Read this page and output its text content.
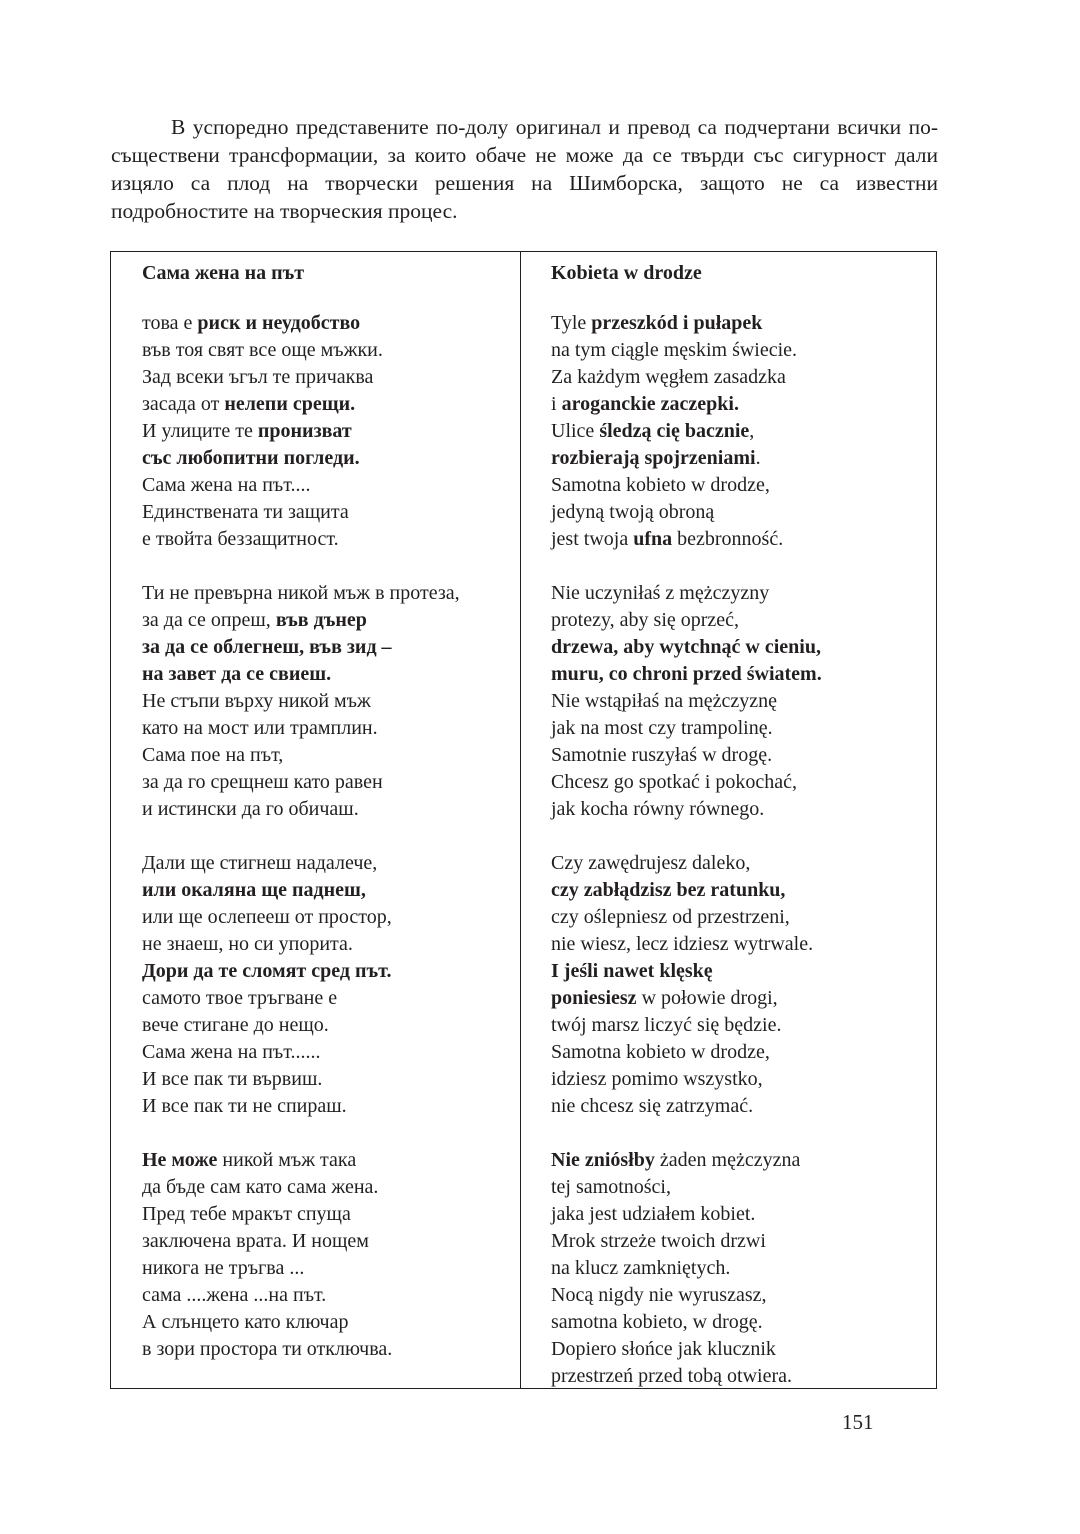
В успоредно представените по-долу оригинал и превод са подчертани всички по-съществени трансформации, за които обаче не може да се твърди със сигурност дали изцяло са плод на творчески решения на Шимборска, защото не са известни подробностите на творческия процес.

Сама жена на път
това е риск и неудобство
във тоя свят все още мъжки.
Зад всеки ъгъл те причаква
засада от нелепи срещи.
И улиците те пронизват
със любопитни погледи.
Сама жена на път....
Единствената ти защита
е твойта беззащитност.
Ти не превърна никой мъж в протеза,
за да се опреш, във дънер
за да се облегнеш, във зид –
на завет да се свиеш.
Не стъпи върху никой мъж
като на мост или трамплин.
Сама пое на път,
за да го срещнеш като равен
и истински да го обичаш.
Дали ще стигнеш надалече,
или окаляна ще паднеш,
или ще ослепееш от простор,
не знаеш, но си упорита.
Дори да те сломят сред път.
самото твое тръгване е
вече стигане до нещо.
Сама жена на път......
И все пак ти вървиш.
И все пак ти не спираш.
Не може никой мъж така
да бъде сам като сама жена.
Пред тебе мракът спуща
заключена врата. И нощем
никога не тръгва ...
сама ....жена ...на път.
А слънцето като ключар
в зори простора ти отключва.
Kobieta w drodze
Tyle przeszkód i pułapek
na tym ciągle męskim świecie.
Za każdym węgłem zasadzka
i aroganckie zaczepki.
Ulice śledzą cię bacznie,
rozbierają spojrzeniami.
Samotna kobieto w drodze,
jedyną twoją obroną
jest twoja ufna bezbronność.
Nie uczyniłaś z mężczyzny
protezy, aby się oprzeć,
drzewa, aby wytchnąć w cieniu,
muru, co chroni przed światem.
Nie wstąpiłaś na mężczyznę
jak na most czy trampolinę.
Samotnie ruszyłaś w drogę.
Chcesz go spotkać i pokochać,
jak kocha równy równego.
Czy zawędrujesz daleko,
czy zabłądzisz bez ratunku,
czy oślepniesz od przestrzeni,
nie wiesz, lecz idziesz wytrwale.
I jeśli nawet klęskę
poniesiesz w połowie drogi,
twój marsz liczyć się będzie.
Samotna kobieto w drodze,
idziesz pomimo wszystko,
nie chcesz się zatrzymać.
Nie zniósłby żaden mężczyzna
tej samotności,
jaka jest udziałem kobiet.
Mrok strzeże twoich drzwi
na klucz zamkniętych.
Nocą nigdy nie wyruszasz,
samotna kobieto, w drogę.
Dopiero słońce jak klucznik
przestrzeń przed tobą otwiera.
151
